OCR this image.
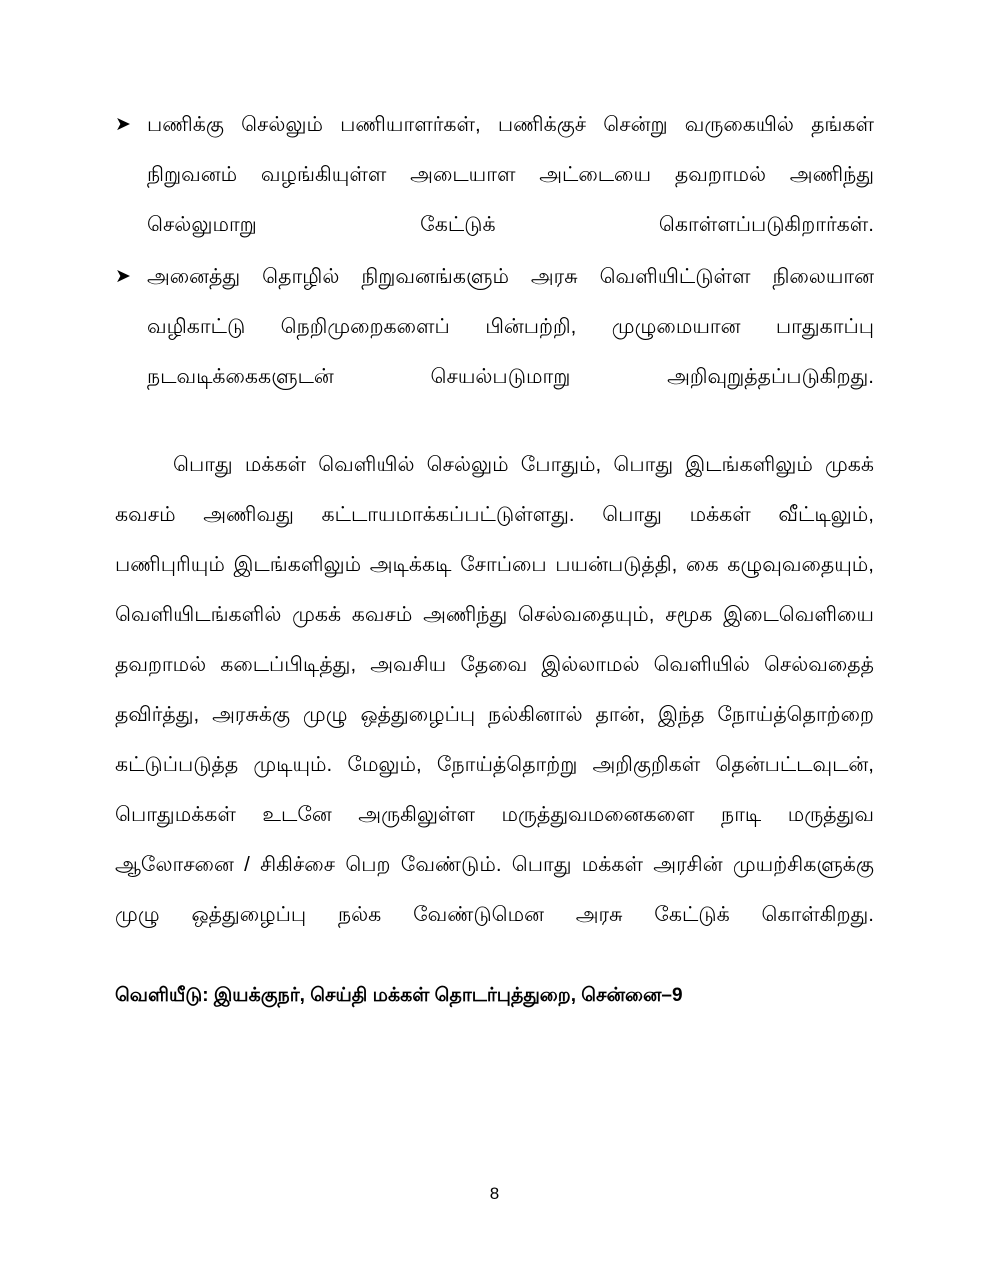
➤ பணிக்கு செல்லும் பணியாளர்கள், பணிக்குச் சென்று வருகையில் தங்கள் நிறுவனம் வழங்கியுள்ள அடையாள அட்டையை தவறாமல் அணிந்து செல்லுமாறு கேட்டுக் கொள்ளப்படுகிறார்கள்.
➤ அனைத்து தொழில் நிறுவனங்களும் அரசு வெளியிட்டுள்ள நிலையான வழிகாட்டு நெறிமுறைகளைப் பின்பற்றி, முழுமையான பாதுகாப்பு நடவடிக்கைகளுடன் செயல்படுமாறு அறிவுறுத்தப்படுகிறது.

பொது மக்கள் வெளியில் செல்லும் போதும், பொது இடங்களிலும் முகக் கவசம் அணிவது கட்டாயமாக்கப்பட்டுள்ளது. பொது மக்கள் வீட்டிலும், பணிபுரியும் இடங்களிலும் அடிக்கடி சோப்பை பயன்படுத்தி, கை கழுவுவதையும், வெளியிடங்களில் முகக் கவசம் அணிந்து செல்வதையும், சமூக இடைவெளியை தவறாமல் கடைப்பிடித்து, அவசிய தேவை இல்லாமல் வெளியில் செல்வதைத் தவிர்த்து, அரசுக்கு முழு ஒத்துழைப்பு நல்கினால் தான், இந்த நோய்த்தொற்றை கட்டுப்படுத்த முடியும். மேலும், நோய்த்தொற்று அறிகுறிகள் தென்பட்டவுடன், பொதுமக்கள் உடனே அருகிலுள்ள மருத்துவமனைகளை நாடி மருத்துவ ஆலோசனை / சிகிச்சை பெற வேண்டும். பொது மக்கள் அரசின் முயற்சிகளுக்கு முழு ஒத்துழைப்பு நல்க வேண்டுமென அரசு கேட்டுக் கொள்கிறது.

வெளியீடு: இயக்குநர், செய்தி மக்கள் தொடர்புத்துறை, சென்னை–9

8
